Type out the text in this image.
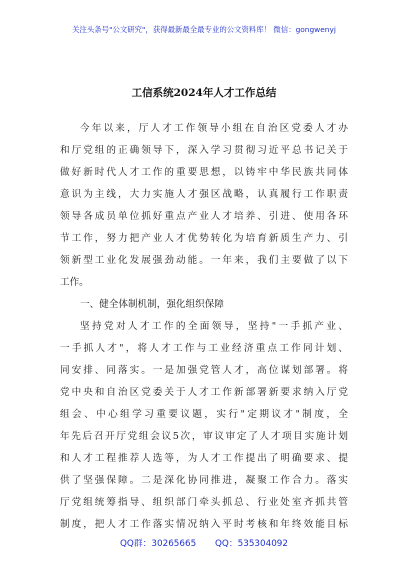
关注头条号"公文研究"，获得最新最全最专业的公文资料库！ 微信：gongwenyj
工信系统2024年人才工作总结
今年以来，厅人才工作领导小组在自治区党委人才办
和厅党组的正确领导下，深入学习贯彻习近平总书记关于
做好新时代人才工作的重要思想，以铸牢中华民族共同体
意识为主线，大力实施人才强区战略，认真履行工作职责
领导各成员单位抓好重点产业人才培养、引进、使用各环
节工作，努力把产业人才优势转化为培育新质生产力、引
领新型工业化发展强劲动能。一年来，我们主要做了以下
工作。
一、健全体制机制，强化组织保障
坚持党对人才工作的全面领导，坚持"一手抓产业、
一手抓人才"，将人才工作与工业经济重点工作同计划、
同安排、同落实。一是加强党管人才，高位谋划部署。将
党中央和自治区党委关于人才工作新部署新要求纳入厅党
组会、中心组学习重要议题，实行"定期议才"制度，全
年先后召开厅党组会议5次，审议审定了人才项目实施计划
和人才工程推荐人选等，为人才工作提出了明确要求、提
供了坚强保障。二是深化协同推进，凝聚工作合力。落实
厅党组统筹指导、组织部门牵头抓总、行业处室齐抓共管
制度，把人才工作落实情况纳入平时考核和年终效能目标
QQ群：30265665 QQ：535304092
